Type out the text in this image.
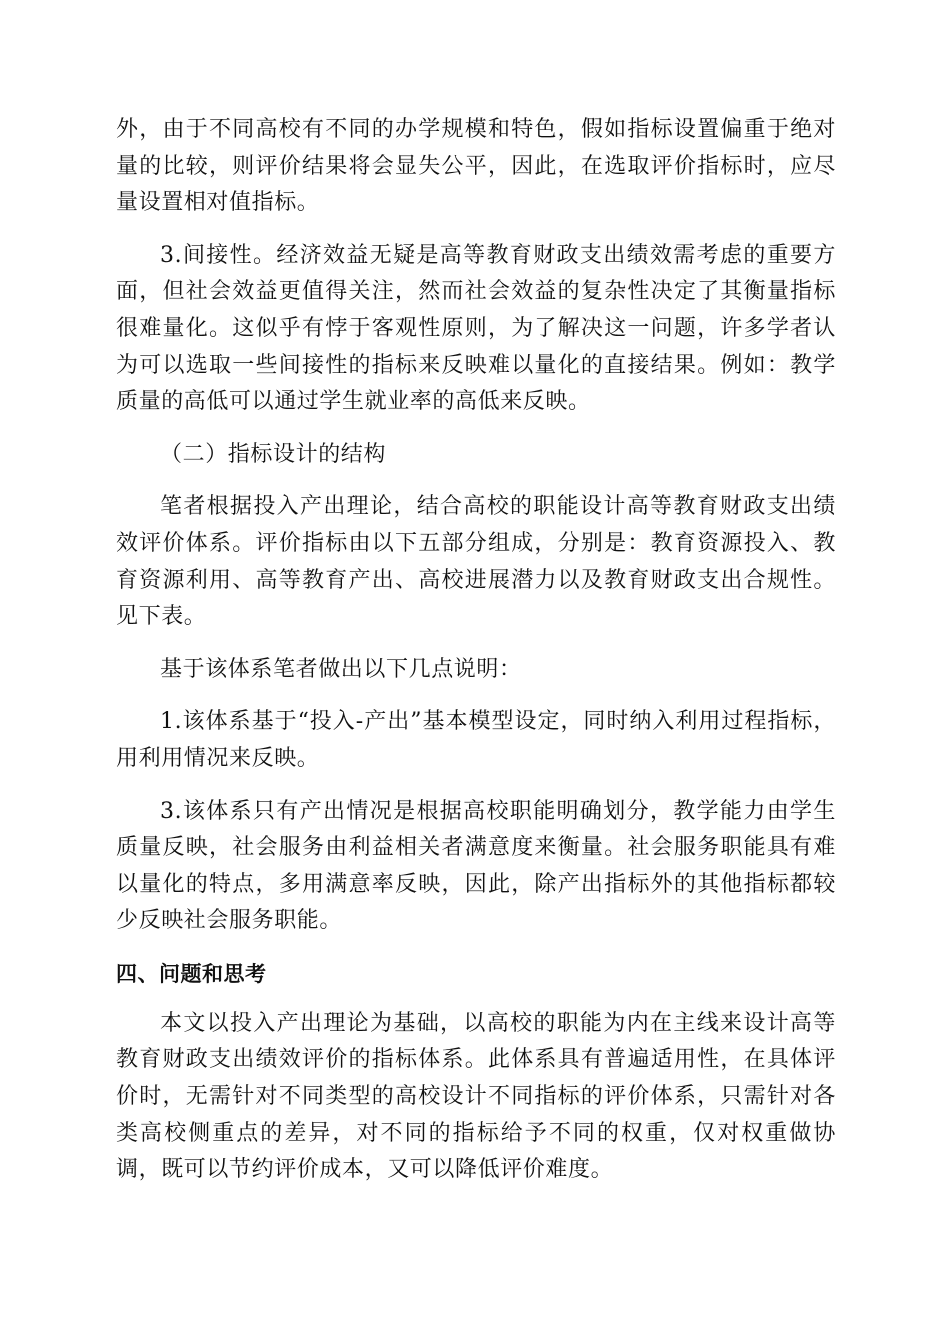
外，由于不同高校有不同的办学规模和特色，假如指标设置偏重于绝对量的比较，则评价结果将会显失公平，因此，在选取评价指标时，应尽量设置相对值指标。

3.间接性。经济效益无疑是高等教育财政支出绩效需考虑的重要方面，但社会效益更值得关注，然而社会效益的复杂性决定了其衡量指标很难量化。这似乎有悖于客观性原则，为了解决这一问题，许多学者认为可以选取一些间接性的指标来反映难以量化的直接结果。例如：教学质量的高低可以通过学生就业率的高低来反映。

（二）指标设计的结构

笔者根据投入产出理论，结合高校的职能设计高等教育财政支出绩效评价体系。评价指标由以下五部分组成，分别是：教育资源投入、教育资源利用、高等教育产出、高校进展潜力以及教育财政支出合规性。见下表。

基于该体系笔者做出以下几点说明：

1.该体系基于“投入-产出”基本模型设定，同时纳入利用过程指标，用利用情况来反映。

3.该体系只有产出情况是根据高校职能明确划分，教学能力由学生质量反映，社会服务由利益相关者满意度来衡量。社会服务职能具有难以量化的特点，多用满意率反映，因此，除产出指标外的其他指标都较少反映社会服务职能。

四、问题和思考

本文以投入产出理论为基础，以高校的职能为内在主线来设计高等教育财政支出绩效评价的指标体系。此体系具有普遍适用性，在具体评价时，无需针对不同类型的高校设计不同指标的评价体系，只需针对各类高校侧重点的差异，对不同的指标给予不同的权重，仅对权重做协调，既可以节约评价成本，又可以降低评价难度。
